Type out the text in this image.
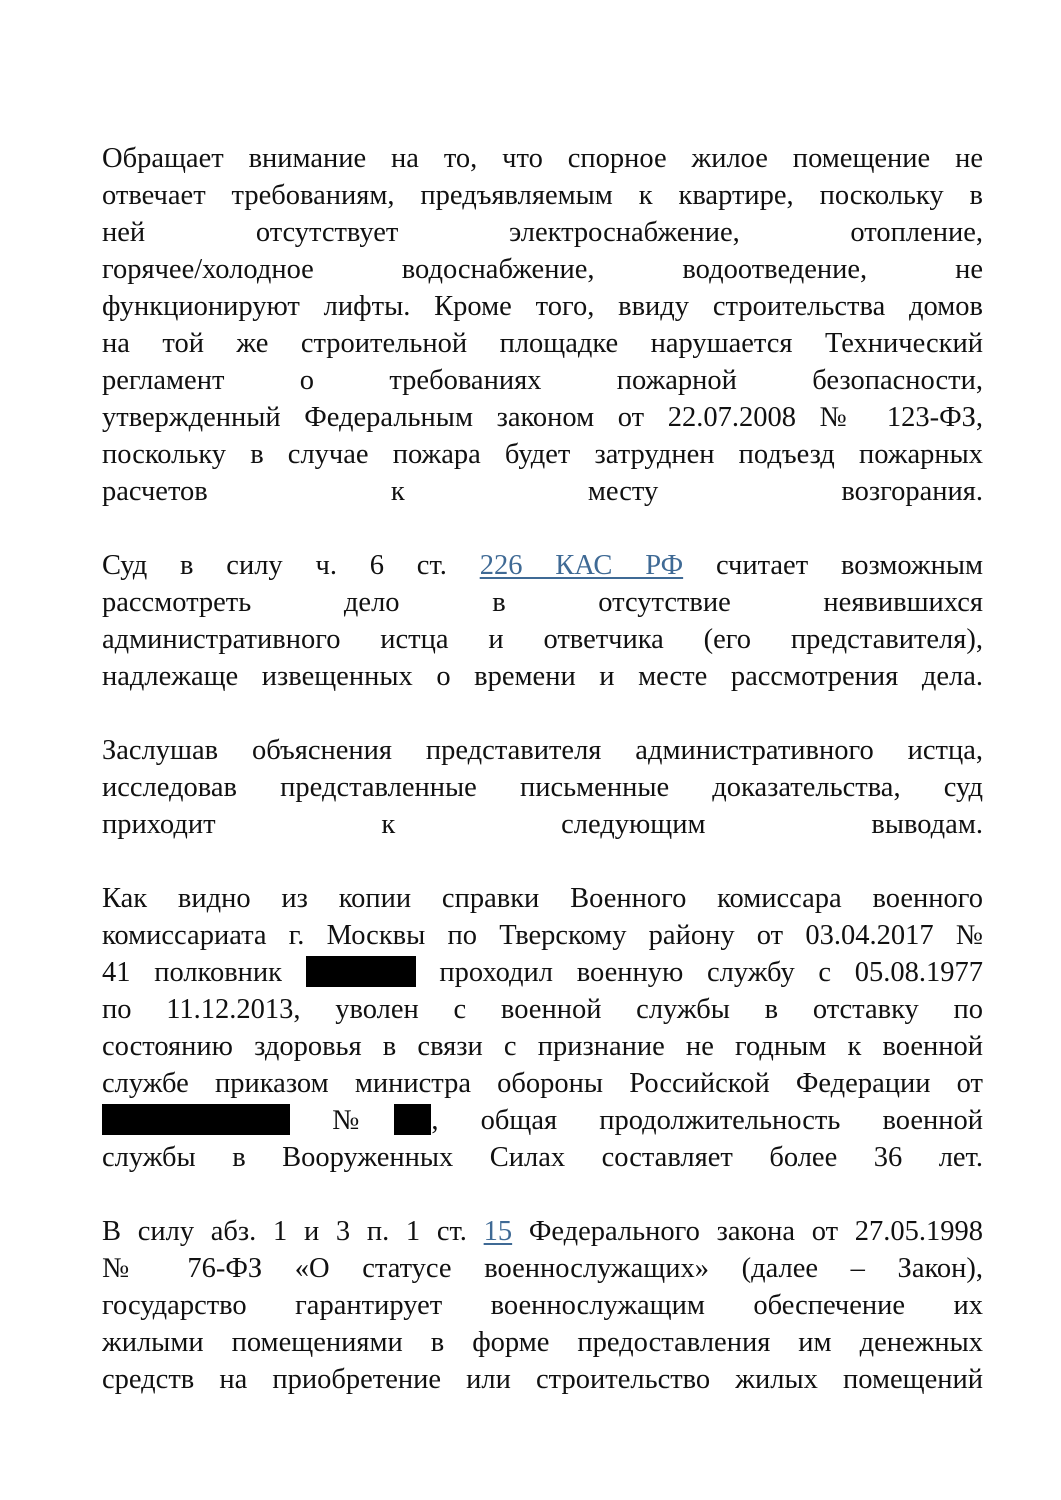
Обращает внимание на то, что спорное жилое помещение не
отвечает требованиям, предъявляемым к квартире, поскольку в
ней отсутствует электроснабжение, отопление,
горячее/холодное водоснабжение, водоотведение, не
функционируют лифты. Кроме того, ввиду строительства домов
на той же строительной площадке нарушается Технический
регламент о требованиях пожарной безопасности,
утвержденный Федеральным законом от 22.07.2008 № 123-ФЗ,
поскольку в случае пожара будет затруднен подъезд пожарных
расчетов к месту возгорания.
Суд в силу ч. 6 ст. 226 КАС РФ считает возможным
рассмотреть дело в отсутствие неявившихся
административного истца и ответчика (его представителя),
надлежаще извещенных о времени и месте рассмотрения дела.
Заслушав объяснения представителя административного истца,
исследовав представленные письменные доказательства, суд
приходит к следующим выводам.
Как видно из копии справки Военного комиссара военного
комиссариата г. Москвы по Тверскому району от 03.04.2017 №
41 полковник	проходил военную службу с 05.08.1977
по 11.12.2013, уволен с военной службы в отставку по
состоянию здоровья в связи с признание не годным к военной
службе приказом министра обороны Российской Федерации от
№ , общая продолжительность военной
службы в Вооруженных Силах составляет более 36 лет.
В силу абз. 1 и 3 п. 1 ст. 15 Федерального закона от 27.05.1998
№ 76-ФЗ «О статусе военнослужащих» (далее – Закон),
государство гарантирует военнослужащим обеспечение их
жилыми помещениями в форме предоставления им денежных
средств на приобретение или строительство жилых помещений
